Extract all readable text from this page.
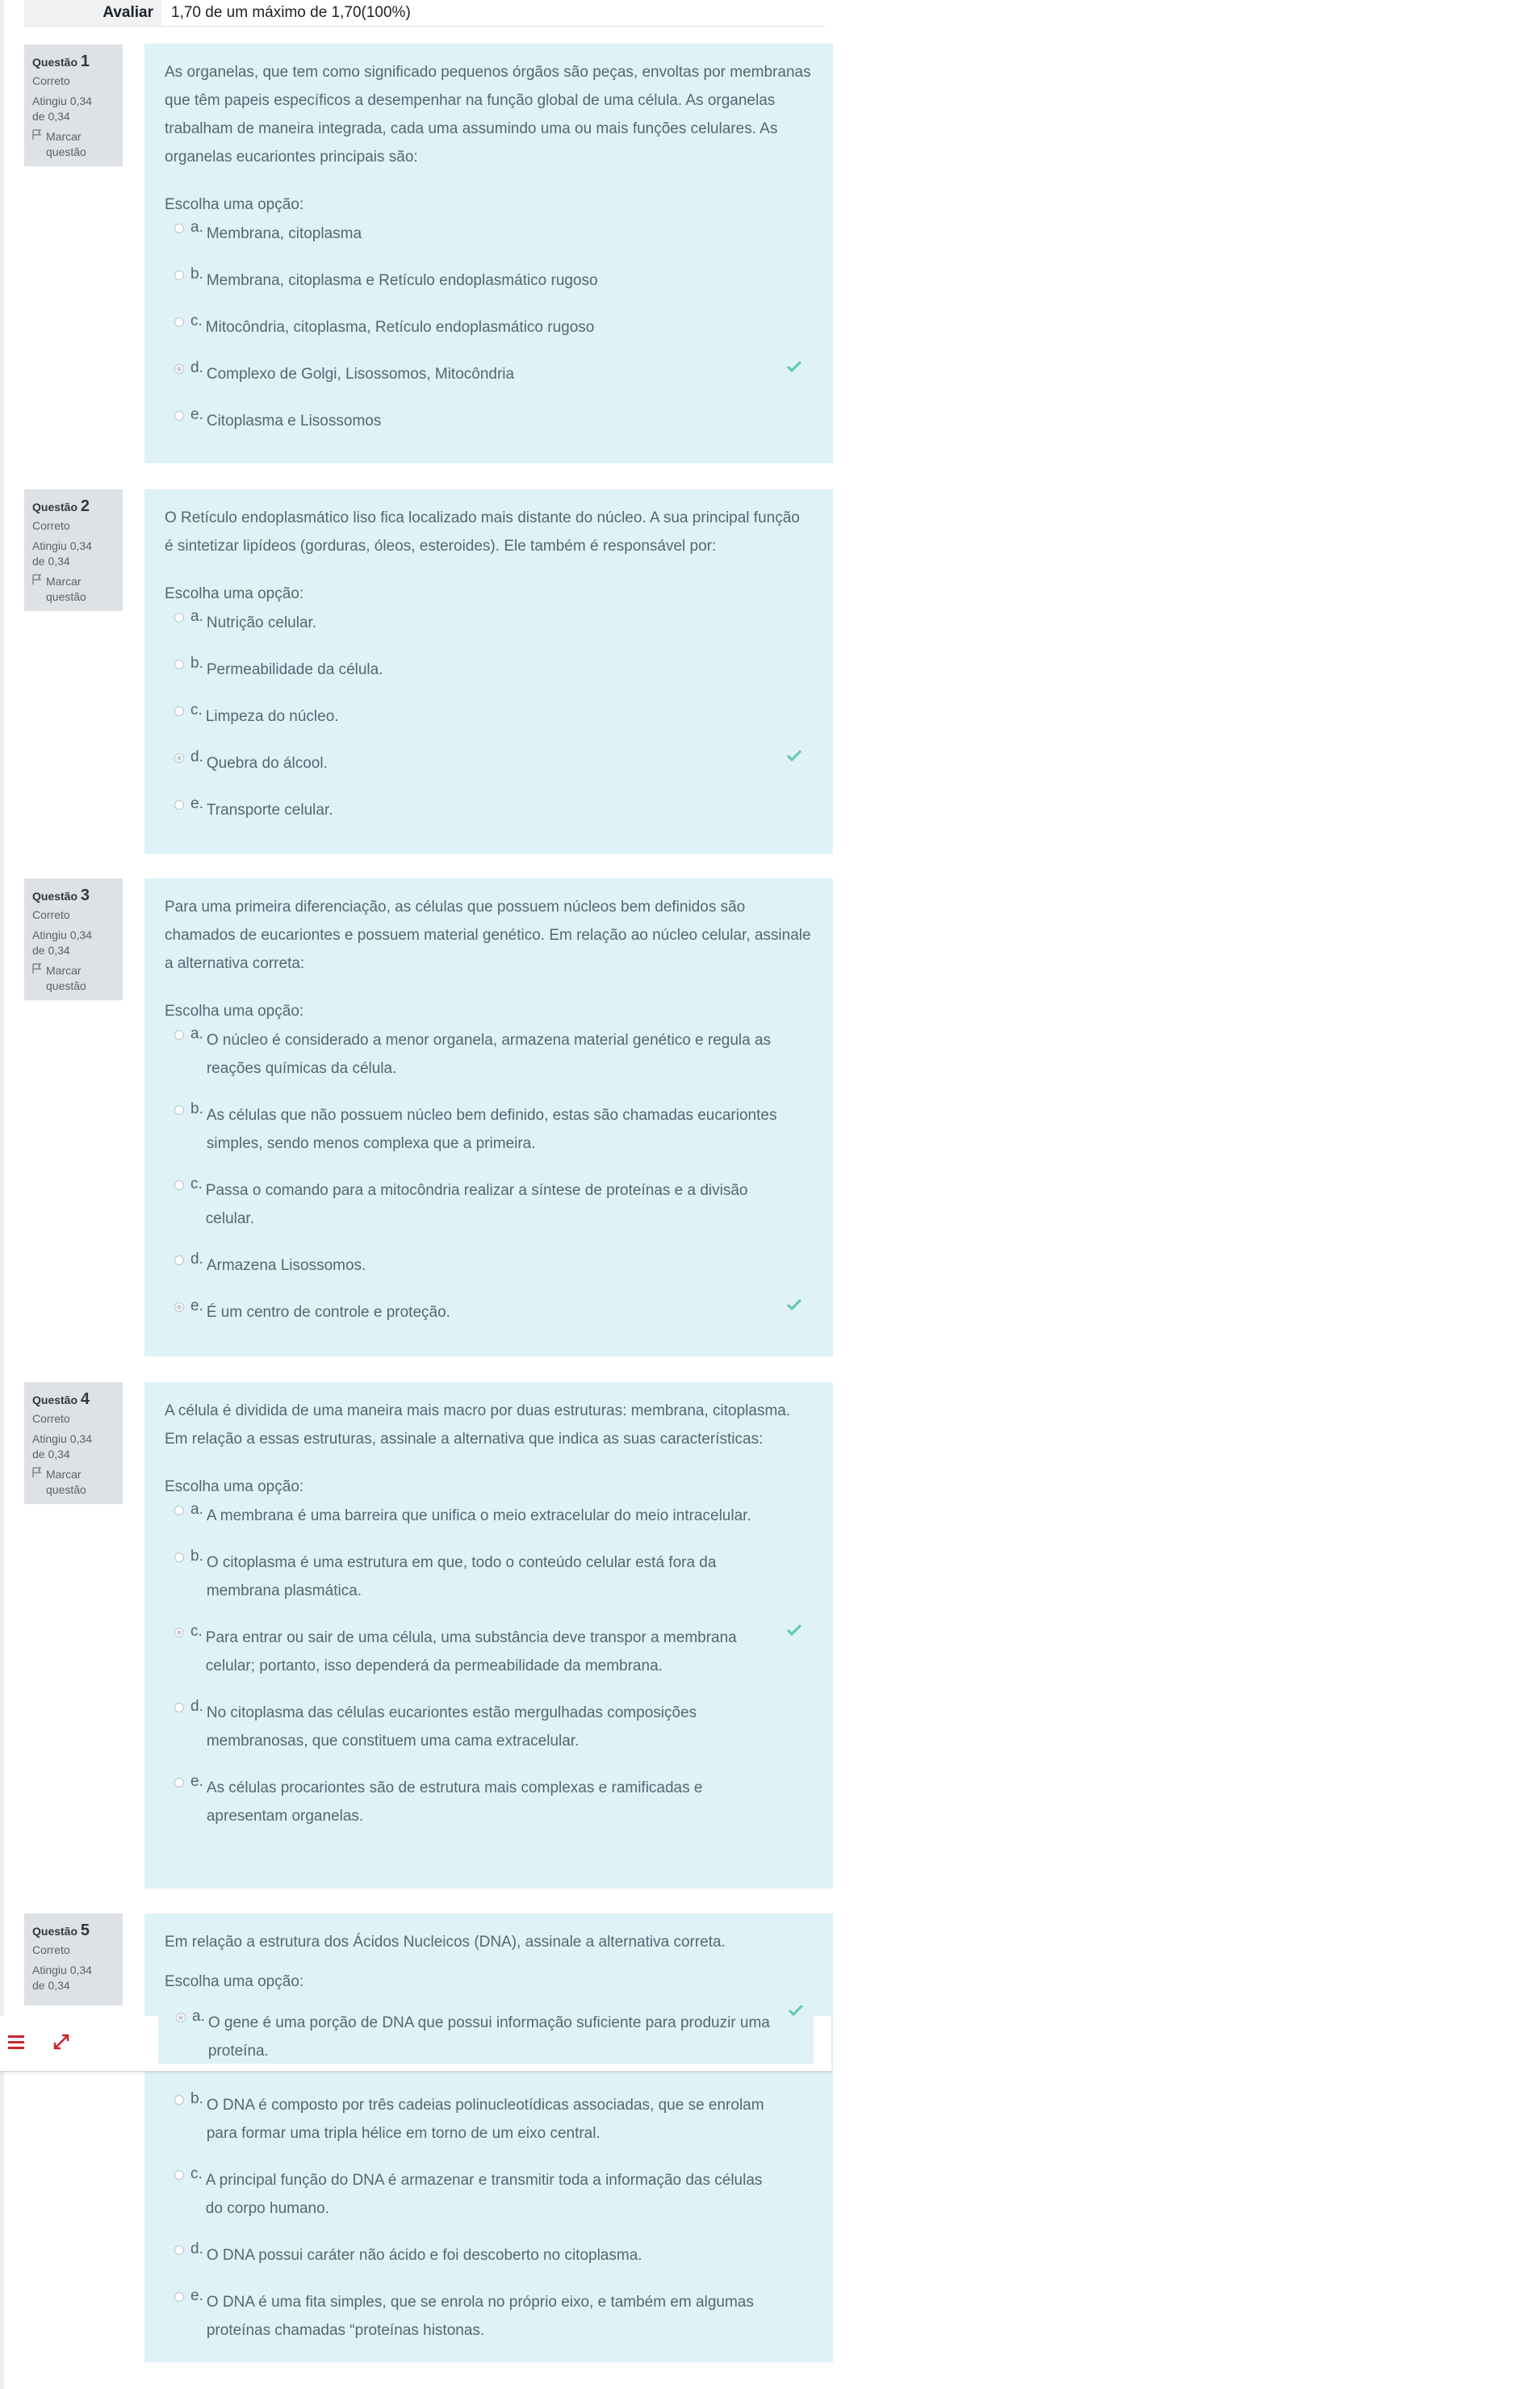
Avaliar	1,70 de um máximo de 1,70(100%)
Questão 1
Correto
Atingiu 0,34
de 0,34
Marcar
questão
As organelas, que tem como significado pequenos órgãos são peças, envoltas por membranas que têm papeis específicos a desempenhar na função global de uma célula. As organelas trabalham de maneira integrada, cada uma assumindo uma ou mais funções celulares. As organelas eucariontes principais são:
Escolha uma opção:
a. Membrana, citoplasma
b. Membrana, citoplasma e Retículo endoplasmático rugoso
c. Mitocôndria, citoplasma, Retículo endoplasmático rugoso
d. Complexo de Golgi, Lisossomos, Mitocôndria
e. Citoplasma e Lisossomos
Questão 2
Correto
Atingiu 0,34
de 0,34
Marcar
questão
O Retículo endoplasmático liso fica localizado mais distante do núcleo. A sua principal função é sintetizar lipídeos (gorduras, óleos, esteroides). Ele também é responsável por:
Escolha uma opção:
a. Nutrição celular.
b. Permeabilidade da célula.
c. Limpeza do núcleo.
d. Quebra do álcool.
e. Transporte celular.
Questão 3
Correto
Atingiu 0,34
de 0,34
Marcar
questão
Para uma primeira diferenciação, as células que possuem núcleos bem definidos são chamados de eucariontes e possuem material genético. Em relação ao núcleo celular, assinale a alternativa correta:
Escolha uma opção:
a. O núcleo é considerado a menor organela, armazena material genético e regula as reações químicas da célula.
b. As células que não possuem núcleo bem definido, estas são chamadas eucariontes simples, sendo menos complexa que a primeira.
c. Passa o comando para a mitocôndria realizar a síntese de proteínas e a divisão celular.
d. Armazena Lisossomos.
e. É um centro de controle e proteção.
Questão 4
Correto
Atingiu 0,34
de 0,34
Marcar
questão
A célula é dividida de uma maneira mais macro por duas estruturas: membrana, citoplasma. Em relação a essas estruturas, assinale a alternativa que indica as suas características:
Escolha uma opção:
a. A membrana é uma barreira que unifica o meio extracelular do meio intracelular.
b. O citoplasma é uma estrutura em que, todo o conteúdo celular está fora da membrana plasmática.
c. Para entrar ou sair de uma célula, uma substância deve transpor a membrana celular; portanto, isso dependerá da permeabilidade da membrana.
d. No citoplasma das células eucariontes estão mergulhadas composições membranosas, que constituem uma cama extracelular.
e. As células procariontes são de estrutura mais complexas e ramificadas e apresentam organelas.
Questão 5
Correto
Atingiu 0,34
de 0,34
Em relação a estrutura dos Ácidos Nucleicos (DNA), assinale a alternativa correta.
Escolha uma opção:
b. O DNA é composto por três cadeias polinucleotídicas associadas, que se enrolam para formar uma tripla hélice em torno de um eixo central.
c. A principal função do DNA é armazenar e transmitir toda a informação das células do corpo humano.
d. O DNA possui caráter não ácido e foi descoberto no citoplasma.
e. O DNA é uma fita simples, que se enrola no próprio eixo, e também em algumas proteínas chamadas “proteínas histonas.
a. O gene é uma porção de DNA que possui informação suficiente para produzir uma proteína.
